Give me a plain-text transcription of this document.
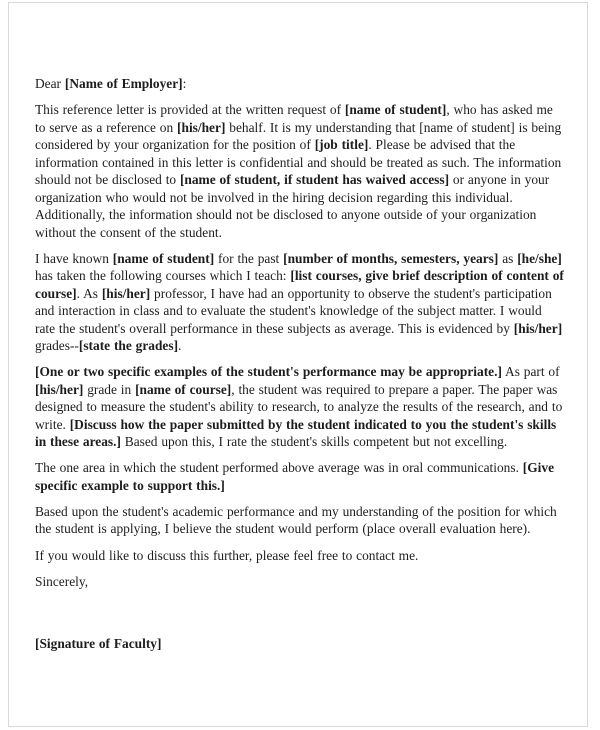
Dear [Name of Employer]:

This reference letter is provided at the written request of [name of student], who has asked me to serve as a reference on [his/her] behalf. It is my understanding that [name of student] is being considered by your organization for the position of [job title]. Please be advised that the information contained in this letter is confidential and should be treated as such. The information should not be disclosed to [name of student, if student has waived access] or anyone in your organization who would not be involved in the hiring decision regarding this individual. Additionally, the information should not be disclosed to anyone outside of your organization without the consent of the student.

I have known [name of student] for the past [number of months, semesters, years] as [he/she] has taken the following courses which I teach: [list courses, give brief description of content of course]. As [his/her] professor, I have had an opportunity to observe the student's participation and interaction in class and to evaluate the student's knowledge of the subject matter. I would rate the student's overall performance in these subjects as average. This is evidenced by [his/her] grades--[state the grades].

[One or two specific examples of the student's performance may be appropriate.] As part of [his/her] grade in [name of course], the student was required to prepare a paper. The paper was designed to measure the student's ability to research, to analyze the results of the research, and to write. [Discuss how the paper submitted by the student indicated to you the student's skills in these areas.] Based upon this, I rate the student's skills competent but not excelling.

The one area in which the student performed above average was in oral communications. [Give specific example to support this.]

Based upon the student's academic performance and my understanding of the position for which the student is applying, I believe the student would perform (place overall evaluation here).

If you would like to discuss this further, please feel free to contact me.

Sincerely,

[Signature of Faculty]
